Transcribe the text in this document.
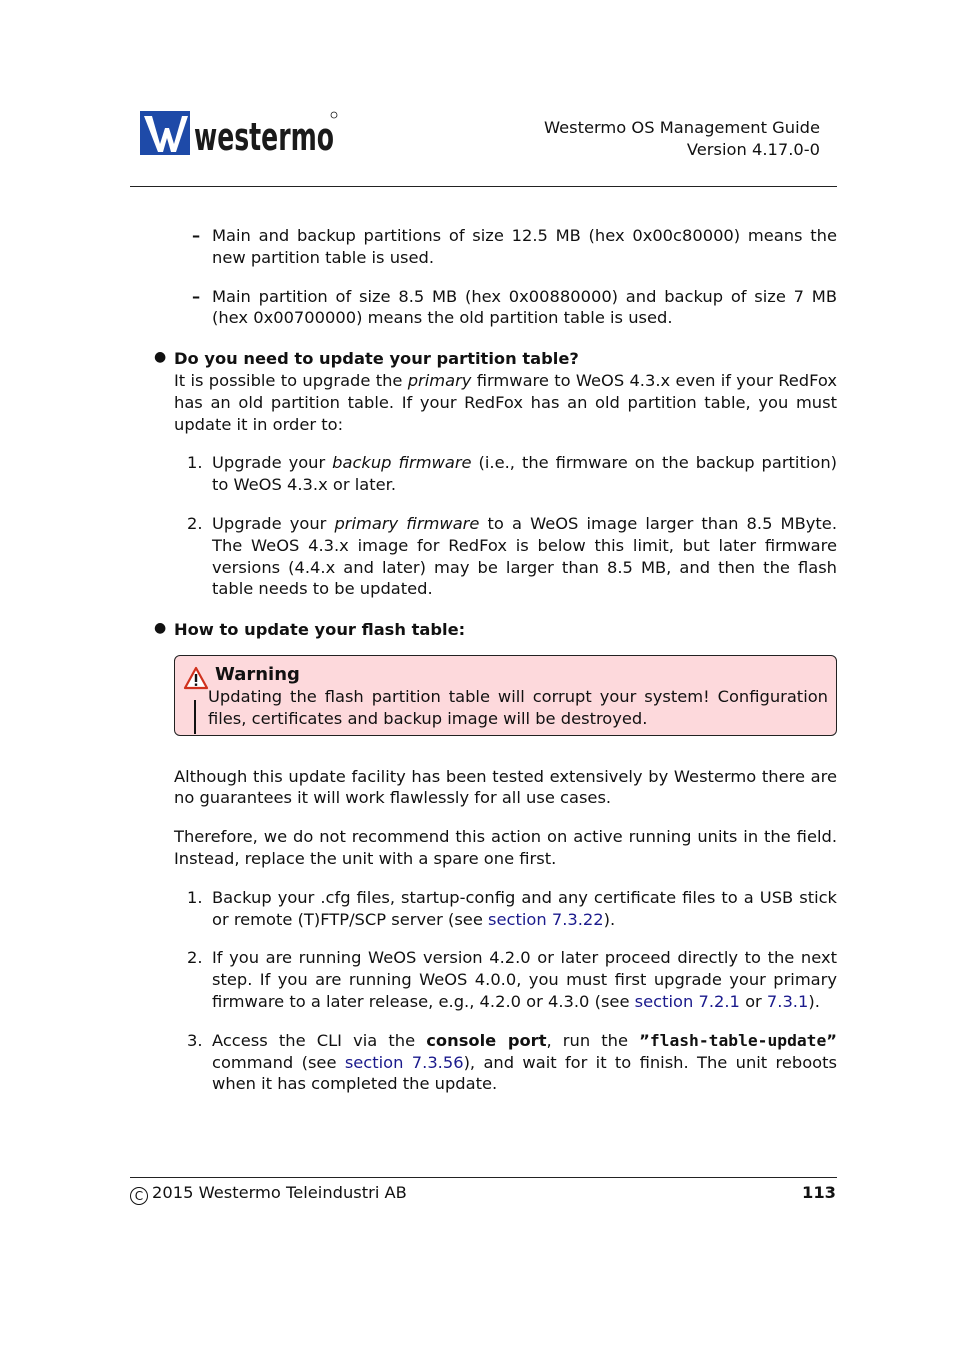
westermo	Westermo OS Management Guide
Version 4.17.0-0
– Main and backup partitions of size 12.5 MB (hex 0x00c80000) means the new partition table is used.

– Main partition of size 8.5 MB (hex 0x00880000) and backup of size 7 MB (hex 0x00700000) means the old partition table is used.

● Do you need to update your partition table?

It is possible to upgrade the primary firmware to WeOS 4.3.x even if your RedFox has an old partition table. If your RedFox has an old partition table, you must update it in order to:

1. Upgrade your backup firmware (i.e., the firmware on the backup partition) to WeOS 4.3.x or later.

2. Upgrade your primary firmware to a WeOS image larger than 8.5 MByte. The WeOS 4.3.x image for RedFox is below this limit, but later firmware versions (4.4.x and later) may be larger than 8.5 MB, and then the flash table needs to be updated.

● How to update your flash table:
Warning

Updating the flash partition table will corrupt your system! Configuration files, certificates and backup image will be destroyed.

Although this update facility has been tested extensively by Westermo there are no guarantees it will work flawlessly for all use cases.

Therefore, we do not recommend this action on active running units in the field. Instead, replace the unit with a spare one first.

1. Backup your .cfg files, startup-config and any certificate files to a USB stick or remote (T)FTP/SCP server (see section 7.3.22).

2. If you are running WeOS version 4.2.0 or later proceed directly to the next step. If you are running WeOS 4.0.0, you must first upgrade your primary firmware to a later release, e.g., 4.2.0 or 4.3.0 (see section 7.2.1 or 7.3.1).

3. Access the CLI via the console port, run the ”flash-table-update” command (see section 7.3.56), and wait for it to finish. The unit reboots when it has completed the update.

C 2015 Westermo Teleindustri AB	113
